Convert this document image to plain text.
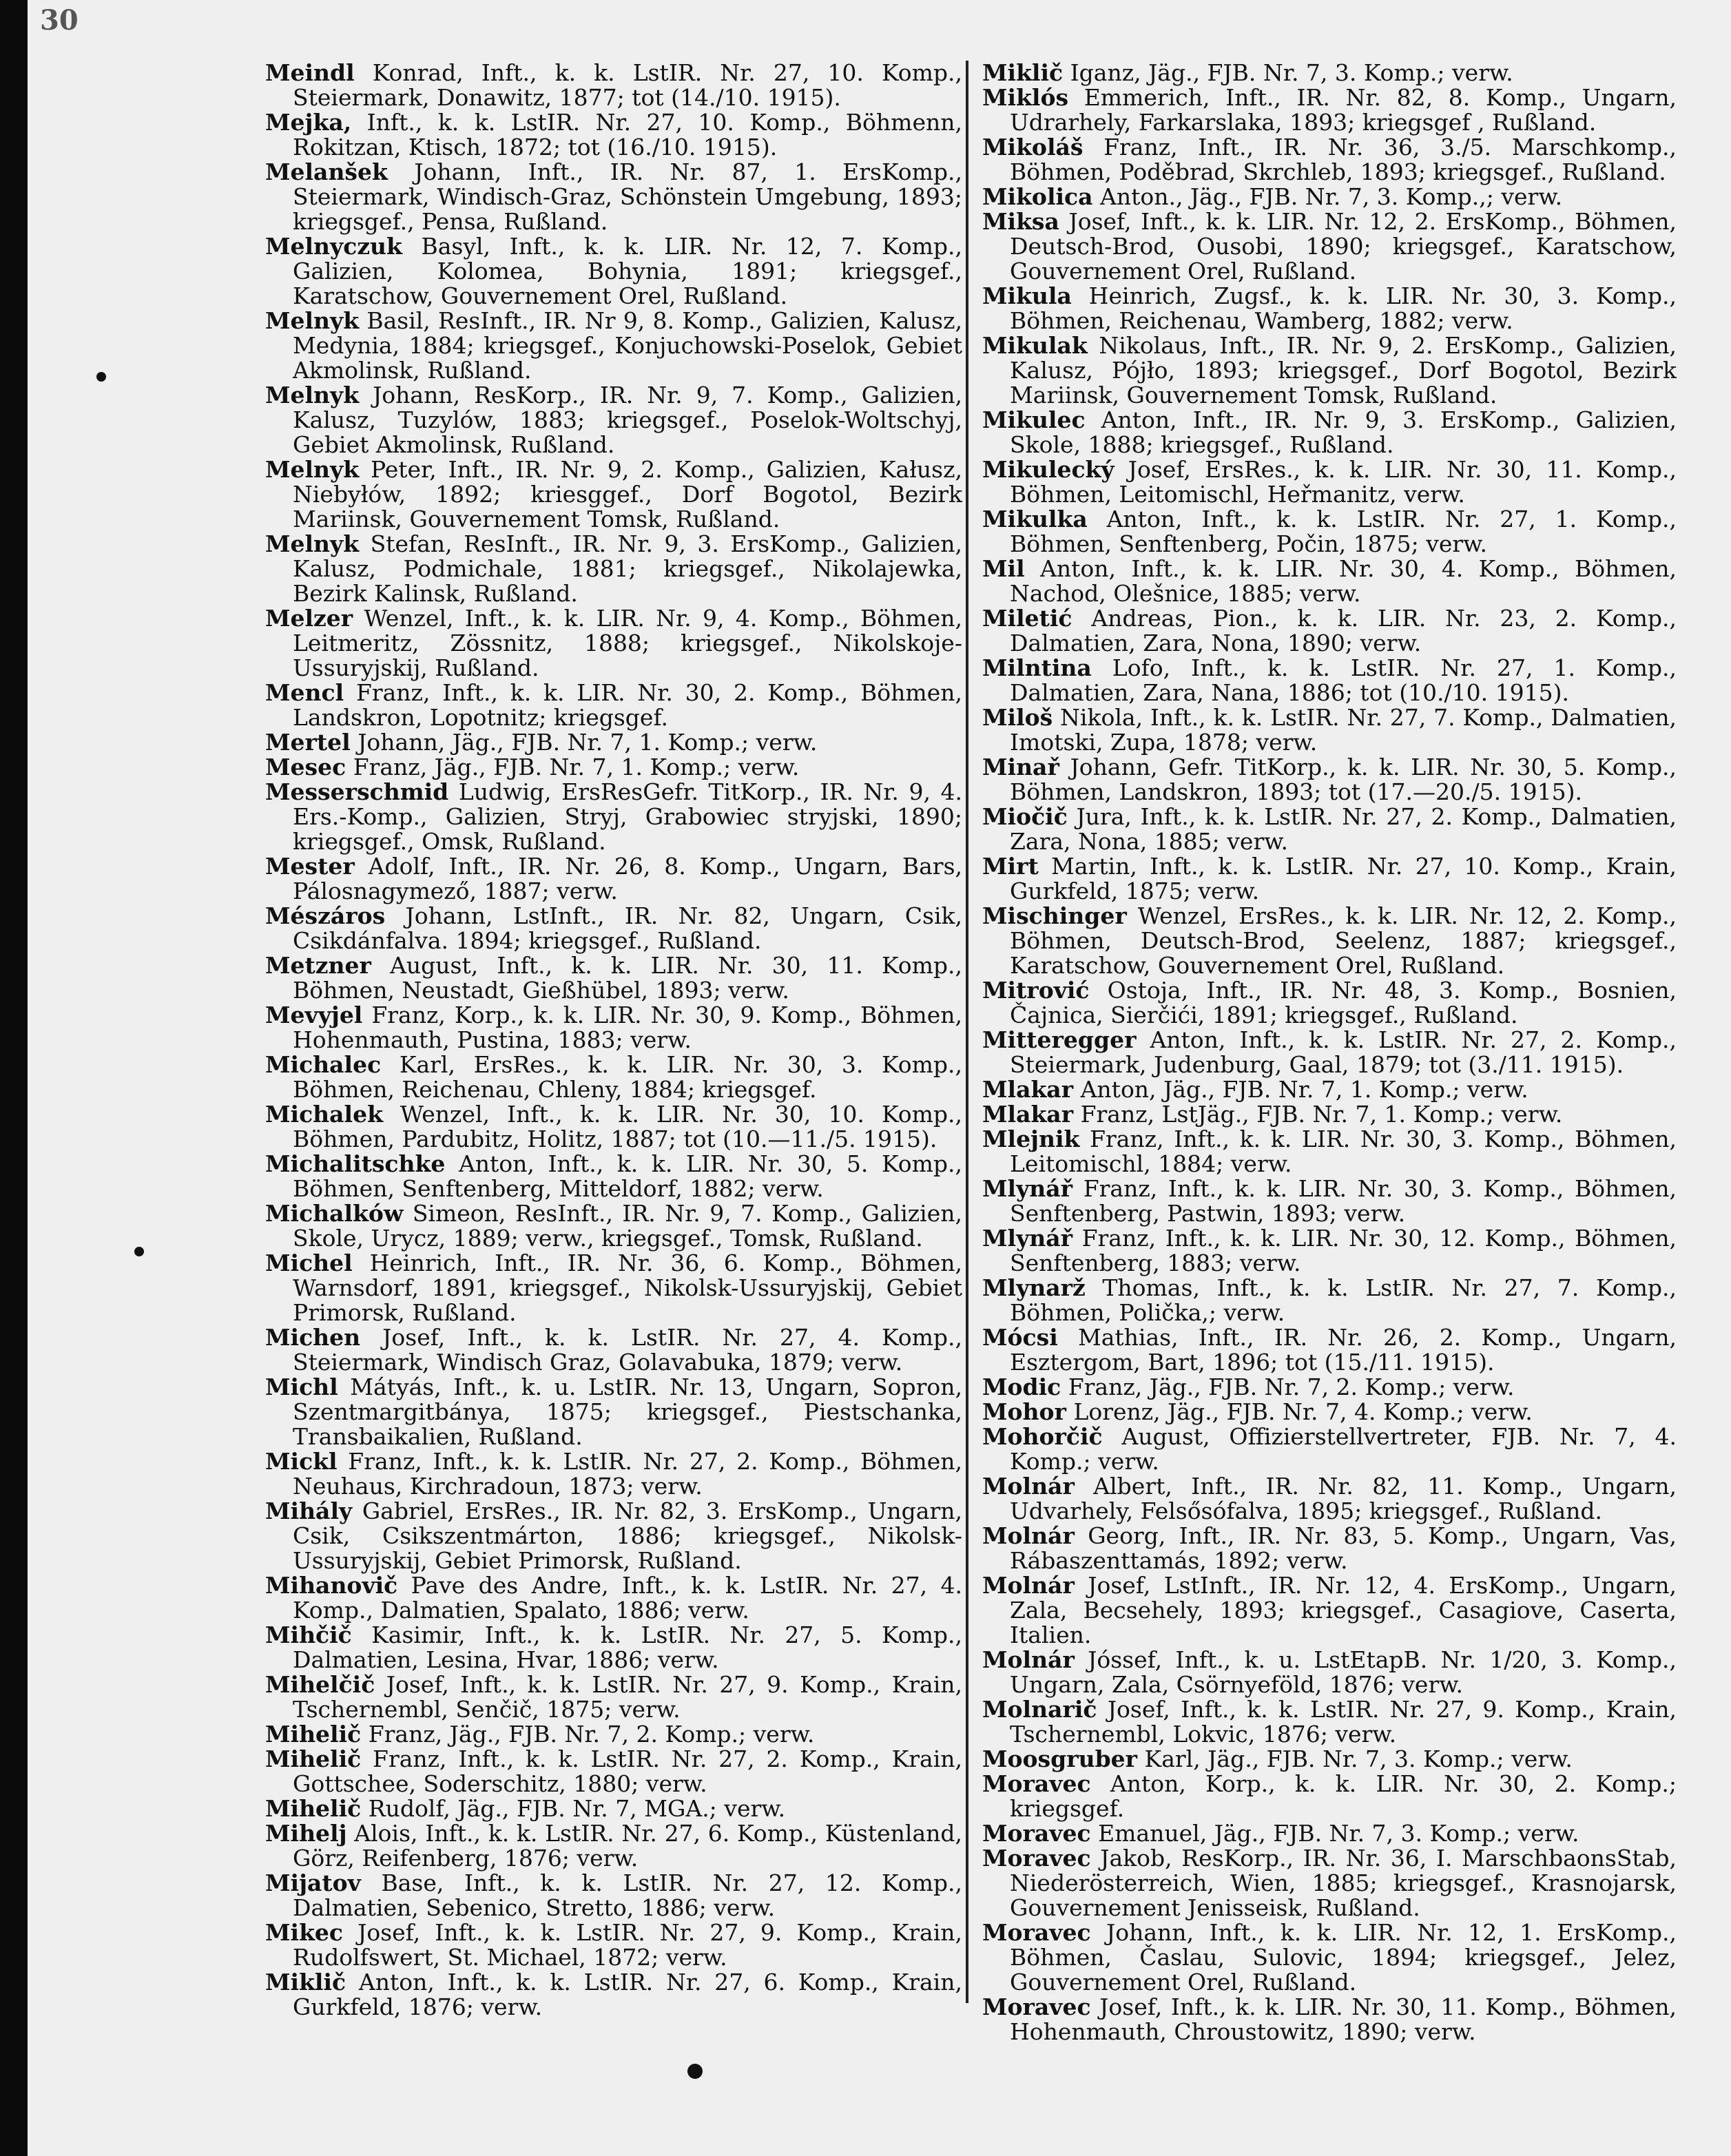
30

Meindl Konrad, Inft., k. k. LstIR. Nr. 27, 10. Komp., Steiermark, Donawitz, 1877; tot (14./10. 1915).

Mejka, Inft., k. k. LstIR. Nr. 27, 10. Komp., Böhmenn, Rokitzan, Ktisch, 1872; tot (16./10. 1915).

Melanšek Johann, Inft., IR. Nr. 87, 1. ErsKomp., Steiermark, Windisch-Graz, Schönstein Umgebung, 1893; kriegsgef., Pensa, Rußland.

Melnyczuk Basyl, Inft., k. k. LIR. Nr. 12, 7. Komp., Galizien, Kolomea, Bohynia, 1891; kriegsgef., Karatschow, Gouvernement Orel, Rußland.

Melnyk Basil, ResInft., IR. Nr 9, 8. Komp., Galizien, Kalusz, Medynia, 1884; kriegsgef., Konjuchowski-Poselok, Gebiet Akmolinsk, Rußland.

Melnyk Johann, ResKorp., IR. Nr. 9, 7. Komp., Galizien, Kalusz, Tuzylów, 1883; kriegsgef., Poselok-Woltschyj, Gebiet Akmolinsk, Rußland.

Melnyk Peter, Inft., IR. Nr. 9, 2. Komp., Galizien, Kałusz, Niebyłów, 1892; kriesggef., Dorf Bogotol, Bezirk Mariinsk, Gouvernement Tomsk, Rußland.

Melnyk Stefan, ResInft., IR. Nr. 9, 3. ErsKomp., Galizien, Kalusz, Podmichale, 1881; kriegsgef., Nikolajewka, Bezirk Kalinsk, Rußland.

Melzer Wenzel, Inft., k. k. LIR. Nr. 9, 4. Komp., Böhmen, Leitmeritz, Zössnitz, 1888; kriegsgef., Nikolskoje-Ussuryjskij, Rußland.

Mencl Franz, Inft., k. k. LIR. Nr. 30, 2. Komp., Böhmen, Landskron, Lopotnitz; kriegsgef.

Mertel Johann, Jäg., FJB. Nr. 7, 1. Komp.; verw.

Mesec Franz, Jäg., FJB. Nr. 7, 1. Komp.; verw.

Messerschmid Ludwig, ErsResGefr. TitKorp., IR. Nr. 9, 4. Ers.-Komp., Galizien, Stryj, Grabowiec stryjski, 1890; kriegsgef., Omsk, Rußland.

Mester Adolf, Inft., IR. Nr. 26, 8. Komp., Ungarn, Bars, Pálosnagymező, 1887; verw.

Mészáros Johann, LstInft., IR. Nr. 82, Ungarn, Csik, Csikdánfalva. 1894; kriegsgef., Rußland.

Metzner August, Inft., k. k. LIR. Nr. 30, 11. Komp., Böhmen, Neustadt, Gießhübel, 1893; verw.

Mevyjel Franz, Korp., k. k. LIR. Nr. 30, 9. Komp., Böhmen, Hohenmauth, Pustina, 1883; verw.

Michalec Karl, ErsRes., k. k. LIR. Nr. 30, 3. Komp., Böhmen, Reichenau, Chleny, 1884; kriegsgef.

Michalek Wenzel, Inft., k. k. LIR. Nr. 30, 10. Komp., Böhmen, Pardubitz, Holitz, 1887; tot (10.—11./5. 1915).

Michalitschke Anton, Inft., k. k. LIR. Nr. 30, 5. Komp., Böhmen, Senftenberg, Mitteldorf, 1882; verw.

Michalków Simeon, ResInft., IR. Nr. 9, 7. Komp., Galizien, Skole, Urycz, 1889; verw., kriegsgef., Tomsk, Rußland.

Michel Heinrich, Inft., IR. Nr. 36, 6. Komp., Böhmen, Warnsdorf, 1891, kriegsgef., Nikolsk-Ussuryjskij, Gebiet Primorsk, Rußland.

Michen Josef, Inft., k. k. LstIR. Nr. 27, 4. Komp., Steiermark, Windisch Graz, Golavabuka, 1879; verw.

Michl Mátyás, Inft., k. u. LstIR. Nr. 13, Ungarn, Sopron, Szentmargitbánya, 1875; kriegsgef., Piestschanka, Transbaikalien, Rußland.

Mickl Franz, Inft., k. k. LstIR. Nr. 27, 2. Komp., Böhmen, Neuhaus, Kirchradoun, 1873; verw.

Mihály Gabriel, ErsRes., IR. Nr. 82, 3. ErsKomp., Ungarn, Csik, Csikszentmárton, 1886; kriegsgef., Nikolsk-Ussuryjskij, Gebiet Primorsk, Rußland.

Mihanovič Pave des Andre, Inft., k. k. LstIR. Nr. 27, 4. Komp., Dalmatien, Spalato, 1886; verw.

Mihčič Kasimir, Inft., k. k. LstIR. Nr. 27, 5. Komp., Dalmatien, Lesina, Hvar, 1886; verw.

Mihelčič Josef, Inft., k. k. LstIR. Nr. 27, 9. Komp., Krain, Tschernembl, Senčič, 1875; verw.

Mihelič Franz, Jäg., FJB. Nr. 7, 2. Komp.; verw.

Mihelič Franz, Inft., k. k. LstIR. Nr. 27, 2. Komp., Krain, Gottschee, Soderschitz, 1880; verw.

Mihelič Rudolf, Jäg., FJB. Nr. 7, MGA.; verw.

Mihelj Alois, Inft., k. k. LstIR. Nr. 27, 6. Komp., Küstenland, Görz, Reifenberg, 1876; verw.

Mijatov Base, Inft., k. k. LstIR. Nr. 27, 12. Komp., Dalmatien, Sebenico, Stretto, 1886; verw.

Mikec Josef, Inft., k. k. LstIR. Nr. 27, 9. Komp., Krain, Rudolfswert, St. Michael, 1872; verw.

Miklič Anton, Inft., k. k. LstIR. Nr. 27, 6. Komp., Krain, Gurkfeld, 1876; verw.

Miklič Iganz, Jäg., FJB. Nr. 7, 3. Komp.; verw.

Miklós Emmerich, Inft., IR. Nr. 82, 8. Komp., Ungarn, Udrarhely, Farkarslaka, 1893; kriegsgef , Rußland.

Mikoláš Franz, Inft., IR. Nr. 36, 3./5. Marschkomp., Böhmen, Poděbrad, Skrchleb, 1893; kriegsgef., Rußland.

Mikolica Anton., Jäg., FJB. Nr. 7, 3. Komp.,; verw.

Miksa Josef, Inft., k. k. LIR. Nr. 12, 2. ErsKomp., Böhmen, Deutsch-Brod, Ousobi, 1890; kriegsgef., Karatschow, Gouvernement Orel, Rußland.

Mikula Heinrich, Zugsf., k. k. LIR. Nr. 30, 3. Komp., Böhmen, Reichenau, Wamberg, 1882; verw.

Mikulak Nikolaus, Inft., IR. Nr. 9, 2. ErsKomp., Galizien, Kalusz, Pójło, 1893; kriegsgef., Dorf Bogotol, Bezirk Mariinsk, Gouvernement Tomsk, Rußland.

Mikulec Anton, Inft., IR. Nr. 9, 3. ErsKomp., Galizien, Skole, 1888; kriegsgef., Rußland.

Mikulecký Josef, ErsRes., k. k. LIR. Nr. 30, 11. Komp., Böhmen, Leitomischl, Heřmanitz, verw.

Mikulka Anton, Inft., k. k. LstIR. Nr. 27, 1. Komp., Böhmen, Senftenberg, Počin, 1875; verw.

Mil Anton, Inft., k. k. LIR. Nr. 30, 4. Komp., Böhmen, Nachod, Olešnice, 1885; verw.

Miletić Andreas, Pion., k. k. LIR. Nr. 23, 2. Komp., Dalmatien, Zara, Nona, 1890; verw.

Milntina Lofo, Inft., k. k. LstIR. Nr. 27, 1. Komp., Dalmatien, Zara, Nana, 1886; tot (10./10. 1915).

Miloš Nikola, Inft., k. k. LstIR. Nr. 27, 7. Komp., Dalmatien, Imotski, Zupa, 1878; verw.

Minař Johann, Gefr. TitKorp., k. k. LIR. Nr. 30, 5. Komp., Böhmen, Landskron, 1893; tot (17.—20./5. 1915).

Miočič Jura, Inft., k. k. LstIR. Nr. 27, 2. Komp., Dalmatien, Zara, Nona, 1885; verw.

Mirt Martin, Inft., k. k. LstIR. Nr. 27, 10. Komp., Krain, Gurkfeld, 1875; verw.

Mischinger Wenzel, ErsRes., k. k. LIR. Nr. 12, 2. Komp., Böhmen, Deutsch-Brod, Seelenz, 1887; kriegsgef., Karatschow, Gouvernement Orel, Rußland.

Mitrović Ostoja, Inft., IR. Nr. 48, 3. Komp., Bosnien, Čajnica, Sierčići, 1891; kriegsgef., Rußland.

Mitteregger Anton, Inft., k. k. LstIR. Nr. 27, 2. Komp., Steiermark, Judenburg, Gaal, 1879; tot (3./11. 1915).

Mlakar Anton, Jäg., FJB. Nr. 7, 1. Komp.; verw.

Mlakar Franz, LstJäg., FJB. Nr. 7, 1. Komp.; verw.

Mlejnik Franz, Inft., k. k. LIR. Nr. 30, 3. Komp., Böhmen, Leitomischl, 1884; verw.

Mlynář Franz, Inft., k. k. LIR. Nr. 30, 3. Komp., Böhmen, Senftenberg, Pastwin, 1893; verw.

Mlynář Franz, Inft., k. k. LIR. Nr. 30, 12. Komp., Böhmen, Senftenberg, 1883; verw.

Mlynarž Thomas, Inft., k. k. LstIR. Nr. 27, 7. Komp., Böhmen, Polička,; verw.

Mócsi Mathias, Inft., IR. Nr. 26, 2. Komp., Ungarn, Esztergom, Bart, 1896; tot (15./11. 1915).

Modic Franz, Jäg., FJB. Nr. 7, 2. Komp.; verw.

Mohor Lorenz, Jäg., FJB. Nr. 7, 4. Komp.; verw.

Mohorčič August, Offizierstellvertreter, FJB. Nr. 7, 4. Komp.; verw.

Molnár Albert, Inft., IR. Nr. 82, 11. Komp., Ungarn, Udvarhely, Felsősófalva, 1895; kriegsgef., Rußland.

Molnár Georg, Inft., IR. Nr. 83, 5. Komp., Ungarn, Vas, Rábaszenttamás, 1892; verw.

Molnár Josef, LstInft., IR. Nr. 12, 4. ErsKomp., Ungarn, Zala, Becsehely, 1893; kriegsgef., Casagiove, Caserta, Italien.

Molnár Jóssef, Inft., k. u. LstEtapB. Nr. 1/20, 3. Komp., Ungarn, Zala, Csörnyeföld, 1876; verw.

Molnarič Josef, Inft., k. k. LstIR. Nr. 27, 9. Komp., Krain, Tschernembl, Lokvic, 1876; verw.

Moosgruber Karl, Jäg., FJB. Nr. 7, 3. Komp.; verw.

Moravec Anton, Korp., k. k. LIR. Nr. 30, 2. Komp.; kriegsgef.

Moravec Emanuel, Jäg., FJB. Nr. 7, 3. Komp.; verw.

Moravec Jakob, ResKorp., IR. Nr. 36, I. MarschbaonsStab, Niederösterreich, Wien, 1885; kriegsgef., Krasnojarsk, Gouvernement Jenisseisk, Rußland.

Moravec Johann, Inft., k. k. LIR. Nr. 12, 1. ErsKomp., Böhmen, Časlau, Sulovic, 1894; kriegsgef., Jelez, Gouvernement Orel, Rußland.

Moravec Josef, Inft., k. k. LIR. Nr. 30, 11. Komp., Böhmen, Hohenmauth, Chroustowitz, 1890; verw.
